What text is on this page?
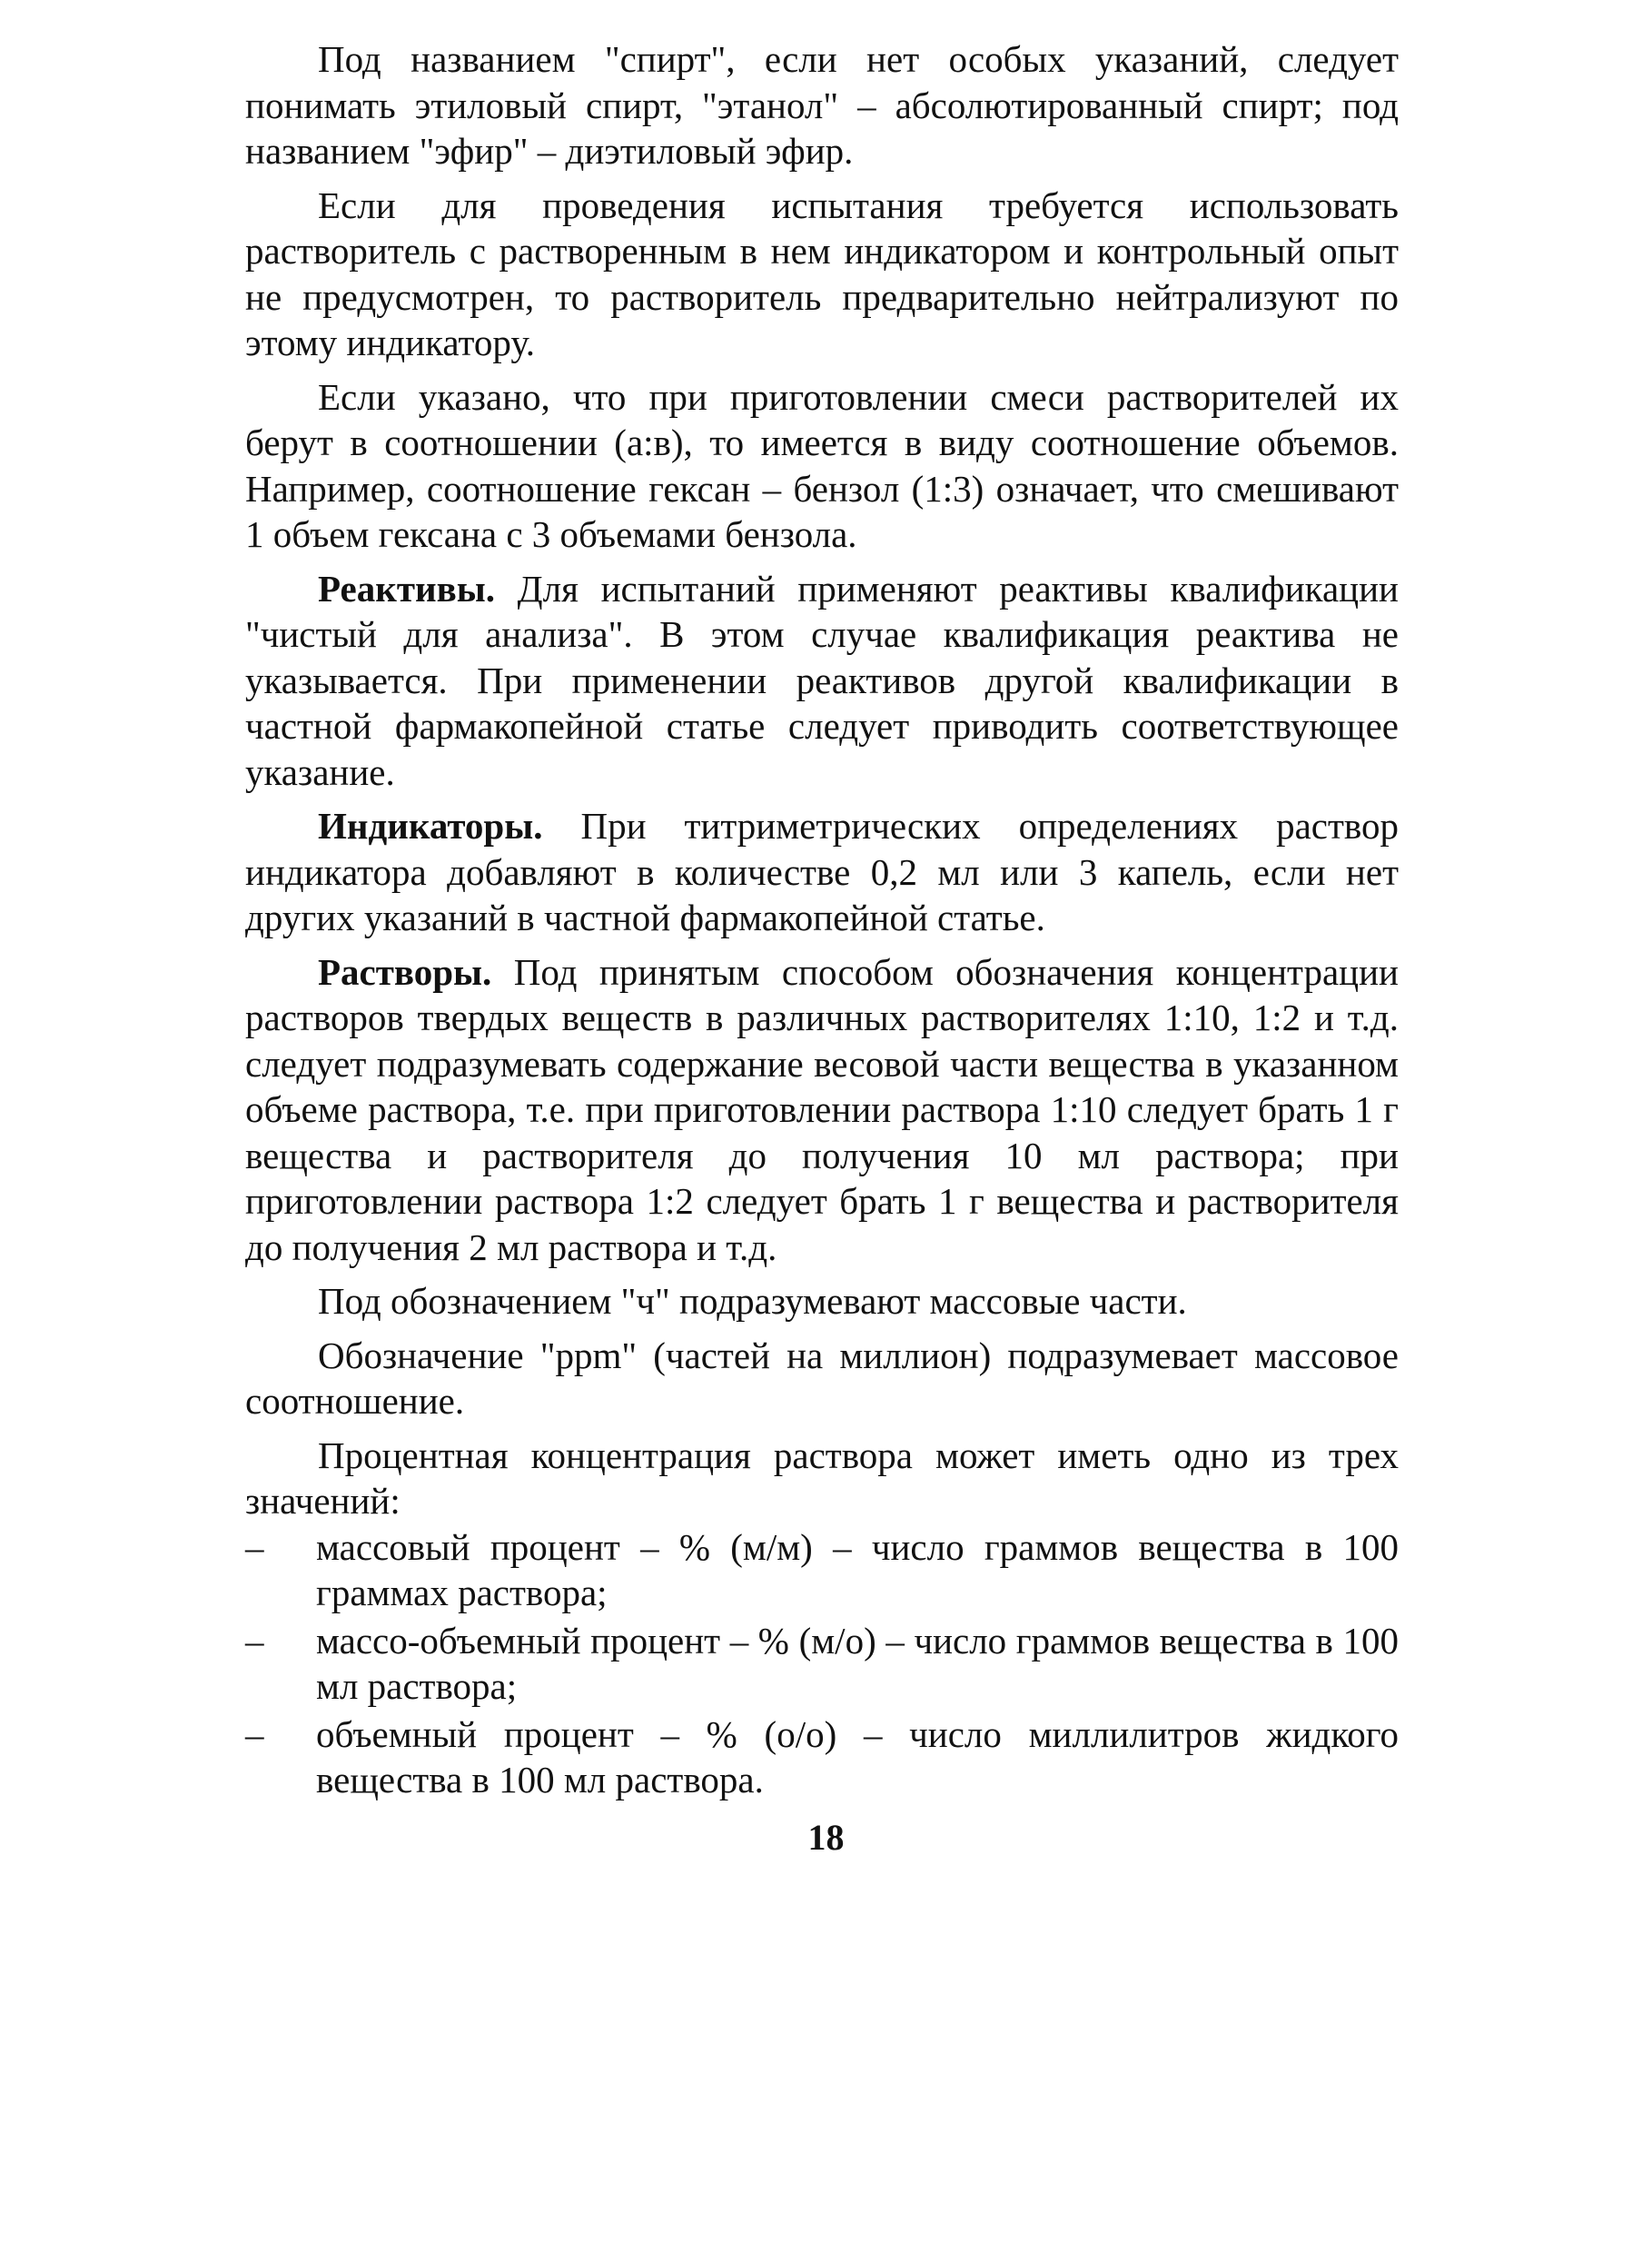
Под названием "спирт", если нет особых указаний, следует понимать этиловый спирт, "этанол" – абсолютированный спирт; под названием "эфир" – диэтиловый эфир.

Если для проведения испытания требуется использовать растворитель с растворенным в нем индикатором и контрольный опыт не предусмотрен, то растворитель предварительно нейтрализуют по этому индикатору.

Если указано, что при приготовлении смеси растворителей их берут в соотношении (а:в), то имеется в виду соотношение объемов. Например, соотношение гексан – бензол (1:3) означает, что смешивают 1 объем гексана с 3 объемами бензола.

Реактивы. Для испытаний применяют реактивы квалификации "чистый для анализа". В этом случае квалификация реактива не указывается. При применении реактивов другой квалификации в частной фармакопейной статье следует приводить соответствующее указание.

Индикаторы. При титриметрических определениях раствор индикатора добавляют в количестве 0,2 мл или 3 капель, если нет других указаний в частной фармакопейной статье.

Растворы. Под принятым способом обозначения концентрации растворов твердых веществ в различных растворителях 1:10, 1:2 и т.д. следует подразумевать содержание весовой части вещества в указанном объеме раствора, т.е. при приготовлении раствора 1:10 следует брать 1 г вещества и растворителя до получения 10 мл раствора; при приготовлении раствора 1:2 следует брать 1 г вещества и растворителя до получения 2 мл раствора и т.д.

Под обозначением "ч" подразумевают массовые части.

Обозначение "ppm" (частей на миллион) подразумевает массовое соотношение.

Процентная концентрация раствора может иметь одно из трех значений:

– массовый процент – % (м/м) – число граммов вещества в 100 граммах раствора;
– массо-объемный процент – % (м/о) – число граммов вещества в 100 мл раствора;
– объемный процент – % (о/о) – число миллилитров жидкого вещества в 100 мл раствора.
18
